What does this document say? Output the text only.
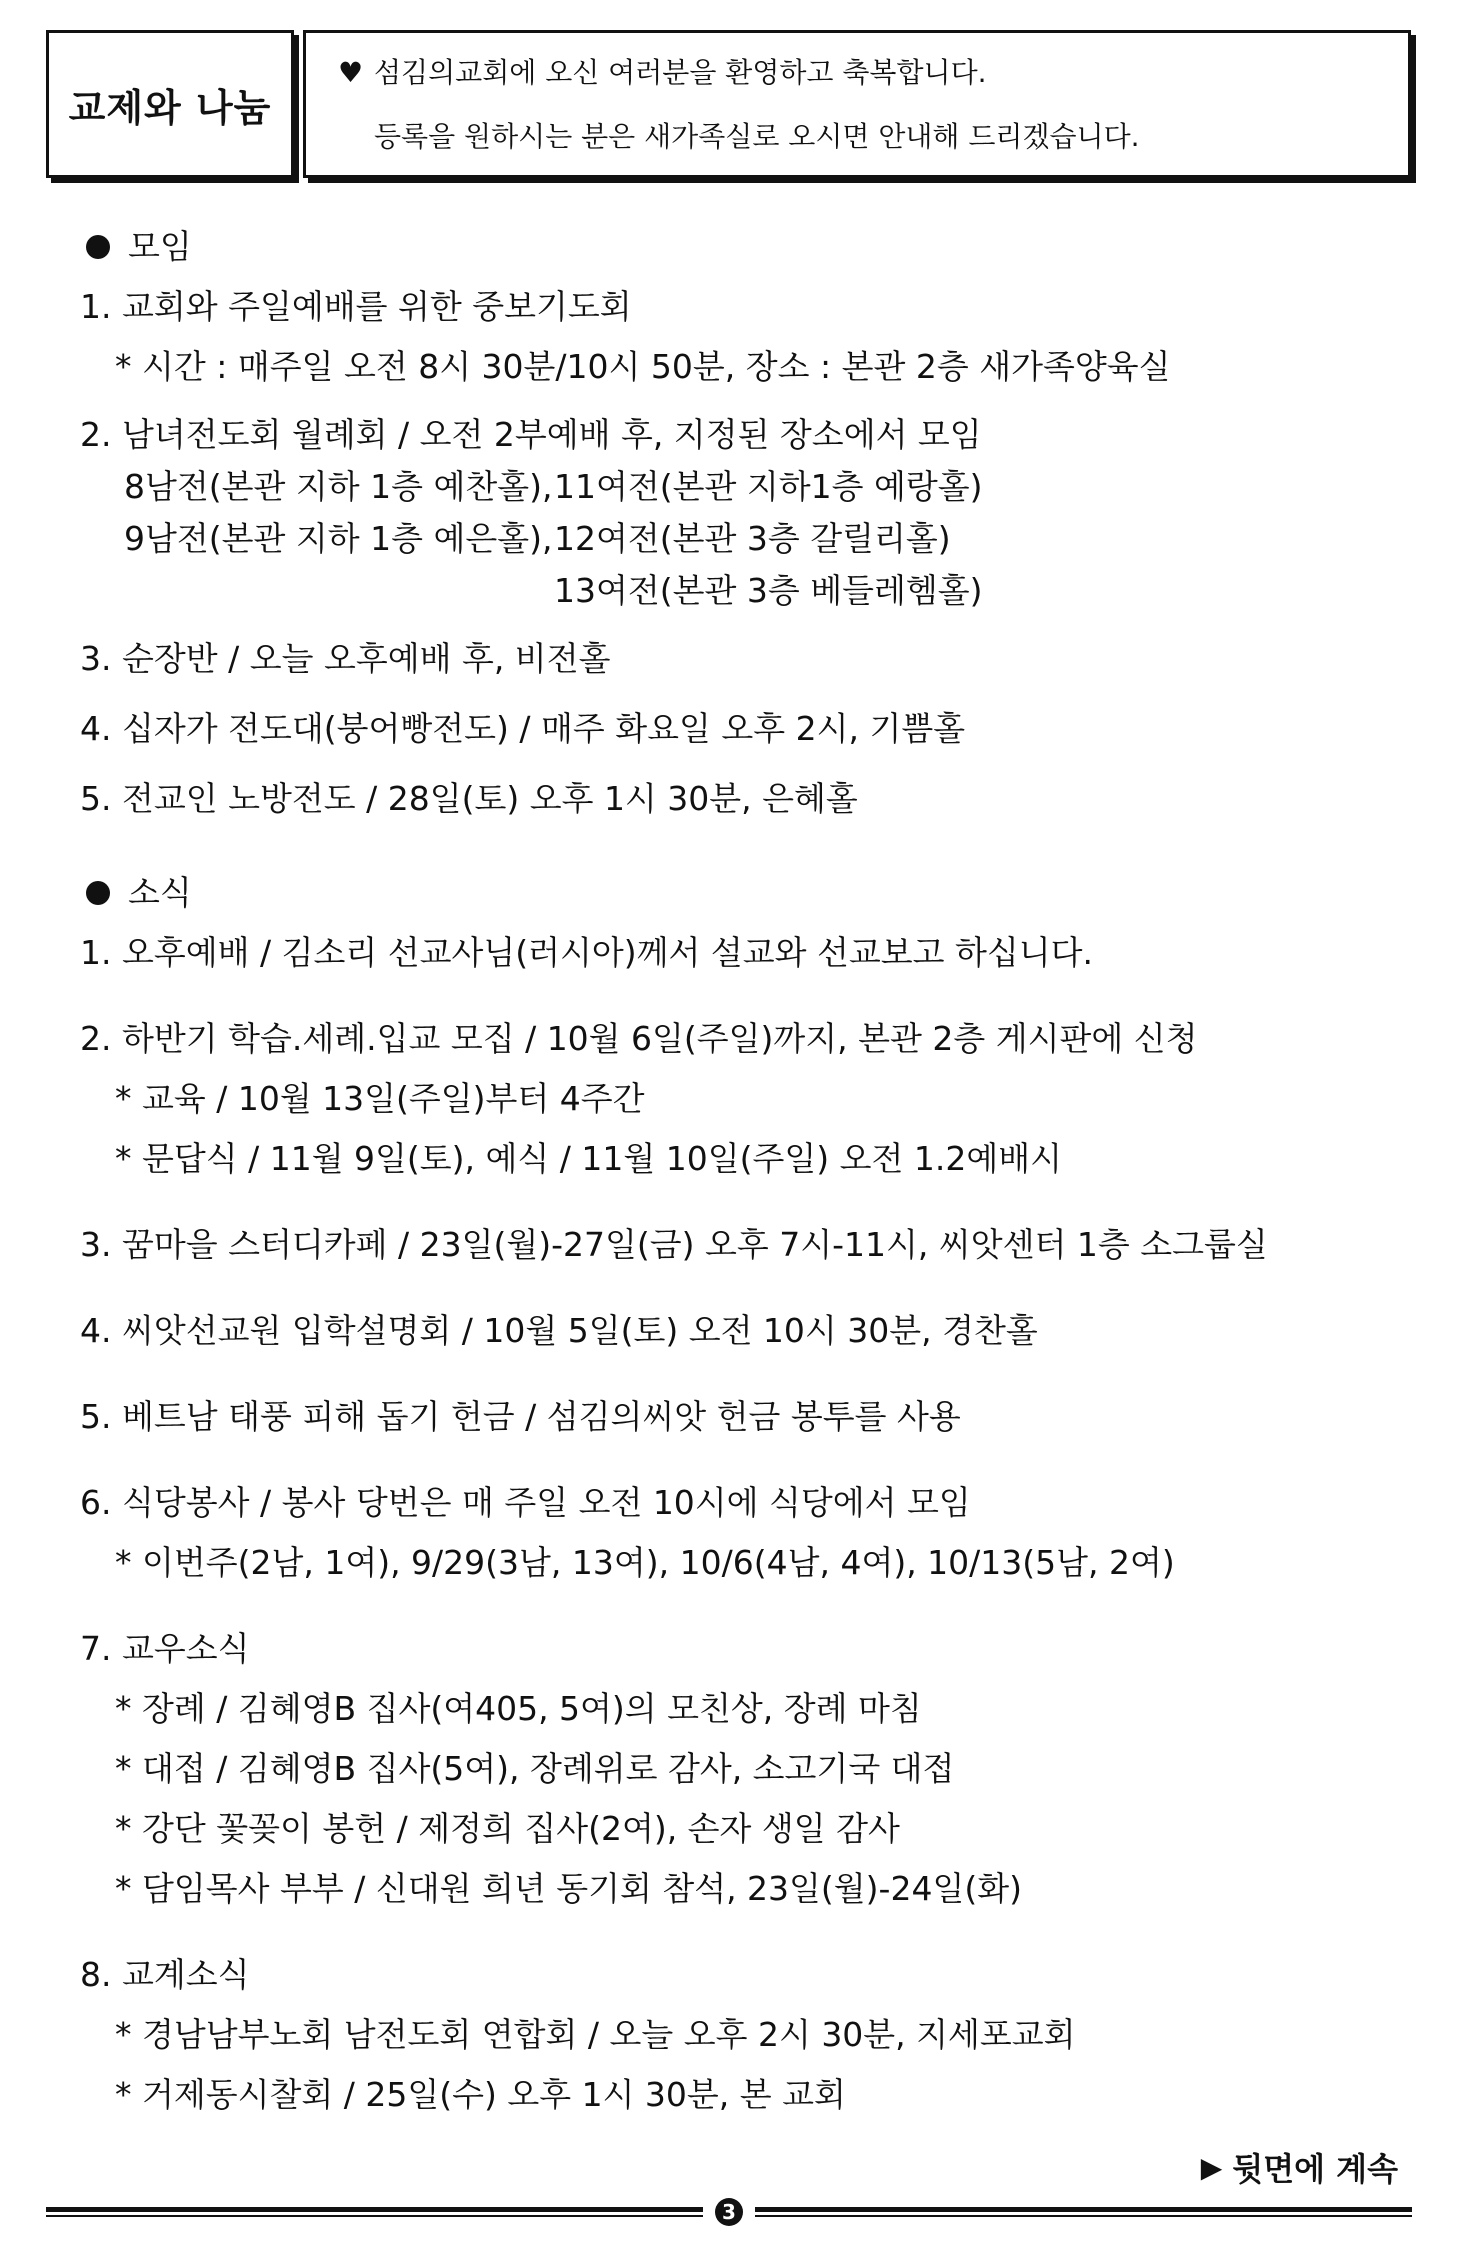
교제와 나눔
♥ 섬김의교회에 오신 여러분을 환영하고 축복합니다.
등록을 원하시는 분은 새가족실로 오시면 안내해 드리겠습니다.
모임
1. 교회와 주일예배를 위한 중보기도회
* 시간 : 매주일 오전 8시 30분/10시 50분, 장소 : 본관 2층 새가족양육실
2. 남녀전도회 월례회 / 오전 2부예배 후, 지정된 장소에서 모임
8남전(본관 지하 1층 예찬홀), 11여전(본관 지하1층 예랑홀)
9남전(본관 지하 1층 예은홀), 12여전(본관 3층 갈릴리홀)
13여전(본관 3층 베들레헴홀)
3. 순장반 / 오늘 오후예배 후, 비전홀
4. 십자가 전도대(붕어빵전도) / 매주 화요일 오후 2시, 기쁨홀
5. 전교인 노방전도 / 28일(토) 오후 1시 30분, 은혜홀
소식
1. 오후예배 / 김소리 선교사님(러시아)께서 설교와 선교보고 하십니다.
2. 하반기 학습.세례.입교 모집 / 10월 6일(주일)까지, 본관 2층 게시판에 신청
* 교육 / 10월 13일(주일)부터 4주간
* 문답식 / 11월 9일(토), 예식 / 11월 10일(주일) 오전 1.2예배시
3. 꿈마을 스터디카페 / 23일(월)-27일(금) 오후 7시-11시, 씨앗센터 1층 소그룹실
4. 씨앗선교원 입학설명회 / 10월 5일(토) 오전 10시 30분, 경찬홀
5. 베트남 태풍 피해 돕기 헌금 / 섬김의씨앗 헌금 봉투를 사용
6. 식당봉사 / 봉사 당번은 매 주일 오전 10시에 식당에서 모임
* 이번주(2남, 1여), 9/29(3남, 13여), 10/6(4남, 4여), 10/13(5남, 2여)
7. 교우소식
* 장례 / 김혜영B 집사(여405, 5여)의 모친상, 장례 마침
* 대접 / 김혜영B 집사(5여), 장례위로 감사, 소고기국 대접
* 강단 꽃꽂이 봉헌 / 제정희 집사(2여), 손자 생일 감사
* 담임목사 부부 / 신대원 희년 동기회 참석, 23일(월)-24일(화)
8. 교계소식
* 경남남부노회 남전도회 연합회 / 오늘 오후 2시 30분, 지세포교회
* 거제동시찰회 / 25일(수) 오후 1시 30분, 본 교회
▶ 뒷면에 계속
3
